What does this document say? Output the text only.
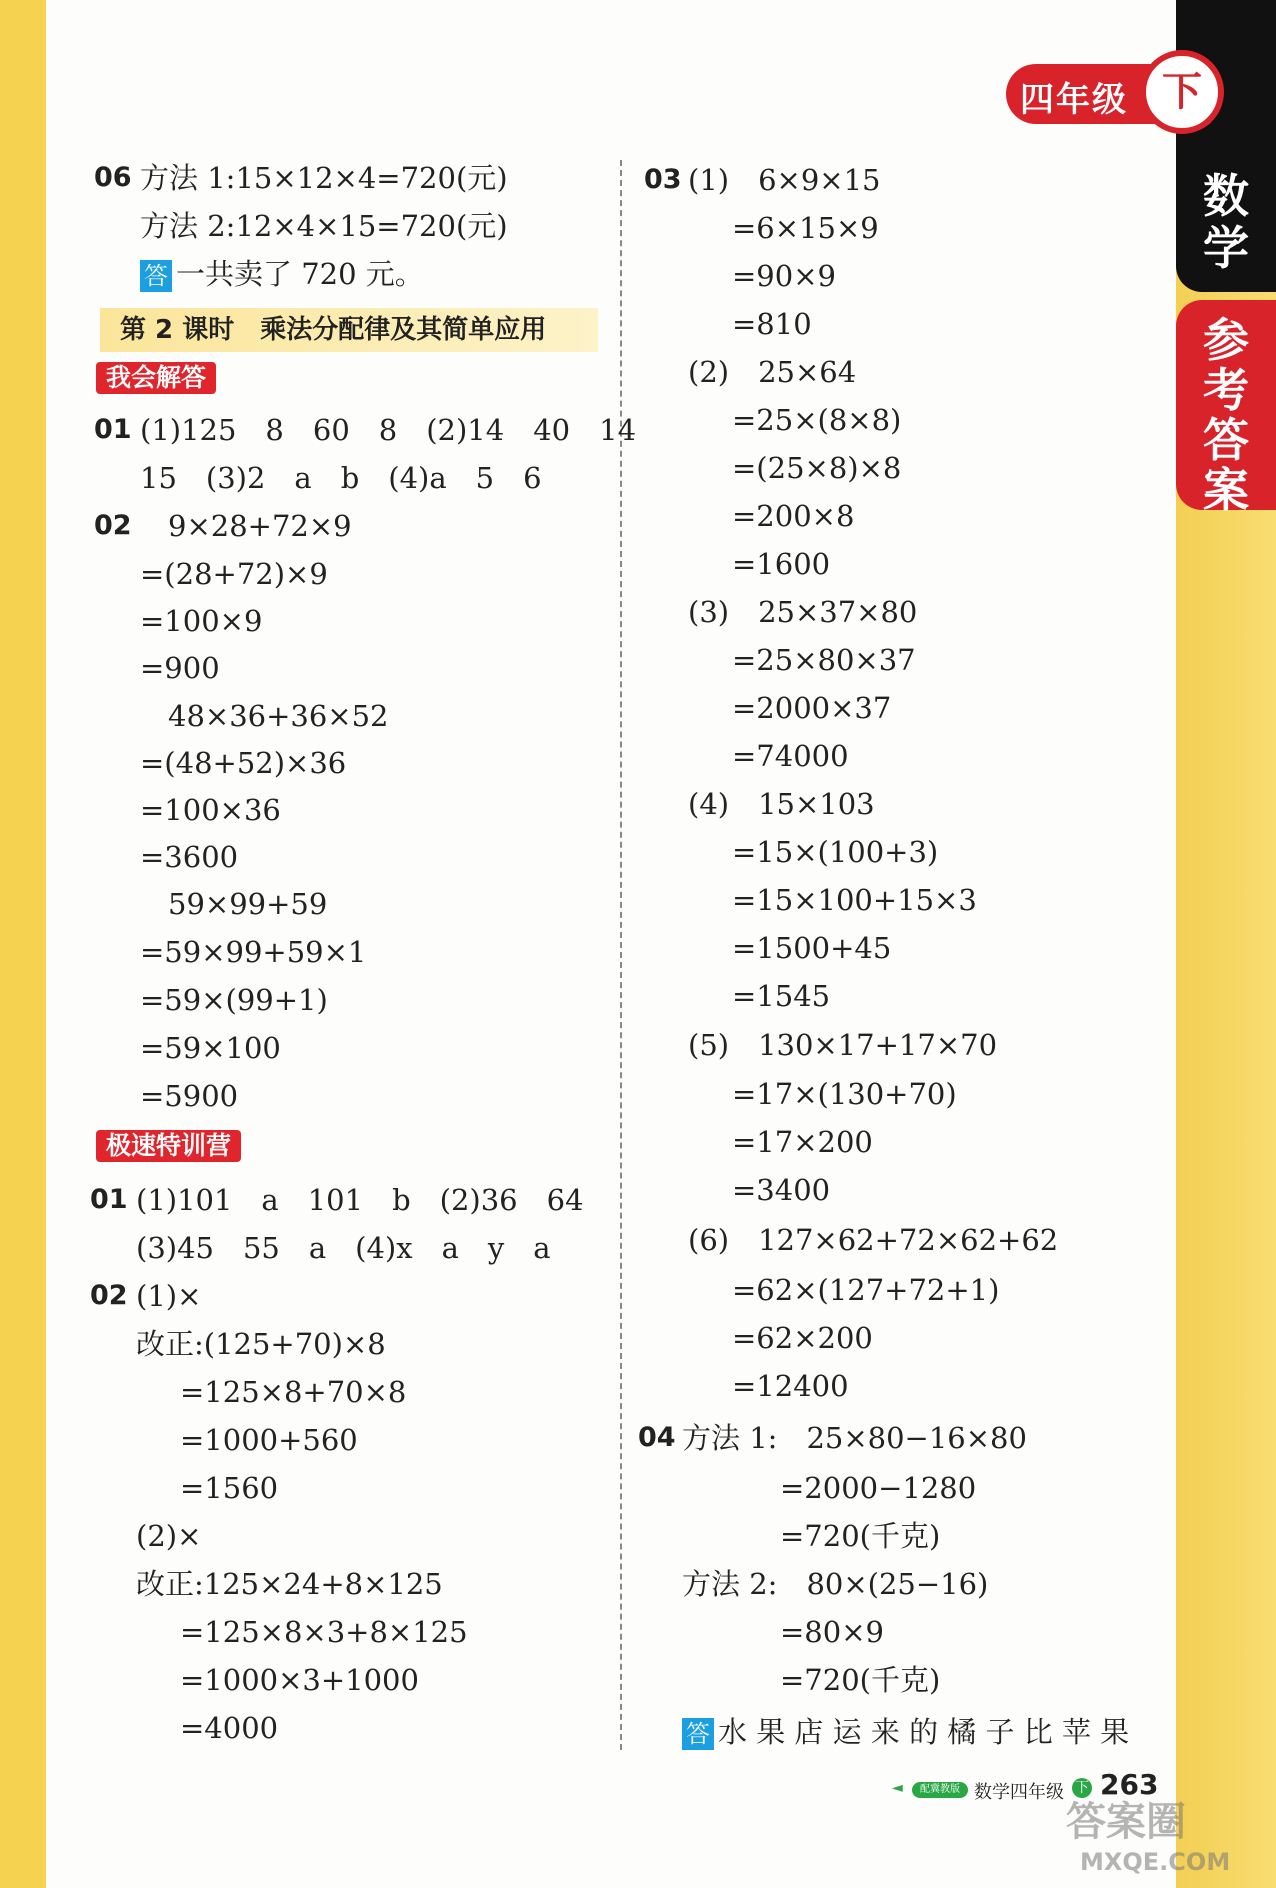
数
学
参
考
答
案
四年级 下
06 方法 1:15×12×4=720(元)
方法 2:12×4×15=720(元)
答 一共卖了 720 元。
第 2 课时　乘法分配律及其简单应用
我会解答
01 (1)125　8　60　8　(2)14　40　14
15　(3)2　a　b　(4)a　5　6
02 9×28+72×9
=(28+72)×9
=100×9
=900
48×36+36×52
=(48+52)×36
=100×36
=3600
59×99+59
=59×99+59×1
=59×(99+1)
=59×100
=5900
极速特训营
01 (1)101　a　101　b　(2)36　64
(3)45　55　a　(4)x　a　y　a
02 (1)×
改正:(125+70)×8
=125×8+70×8
=1000+560
=1560
(2)×
改正:125×24+8×125
=125×8×3+8×125
=1000×3+1000
=4000
03 (1)　6×9×15
=6×15×9
=90×9
=810
(2)　25×64
=25×(8×8)
=(25×8)×8
=200×8
=1600
(3)　25×37×80
=25×80×37
=2000×37
=74000
(4)　15×103
=15×(100+3)
=15×100+15×3
=1500+45
=1545
(5)　130×17+17×70
=17×(130+70)
=17×200
=3400
(6)　127×62+72×62+62
=62×(127+72+1)
=62×200
=12400
04 方法 1:　25×80−16×80
=2000−1280
=720(千克)
方法 2:　80×(25−16)
=80×9
=720(千克)
答 水 果 店 运 来 的 橘 子 比 苹 果
◄	配冀教版 数学四年级 下 263
答案圈
MXQE.COM
